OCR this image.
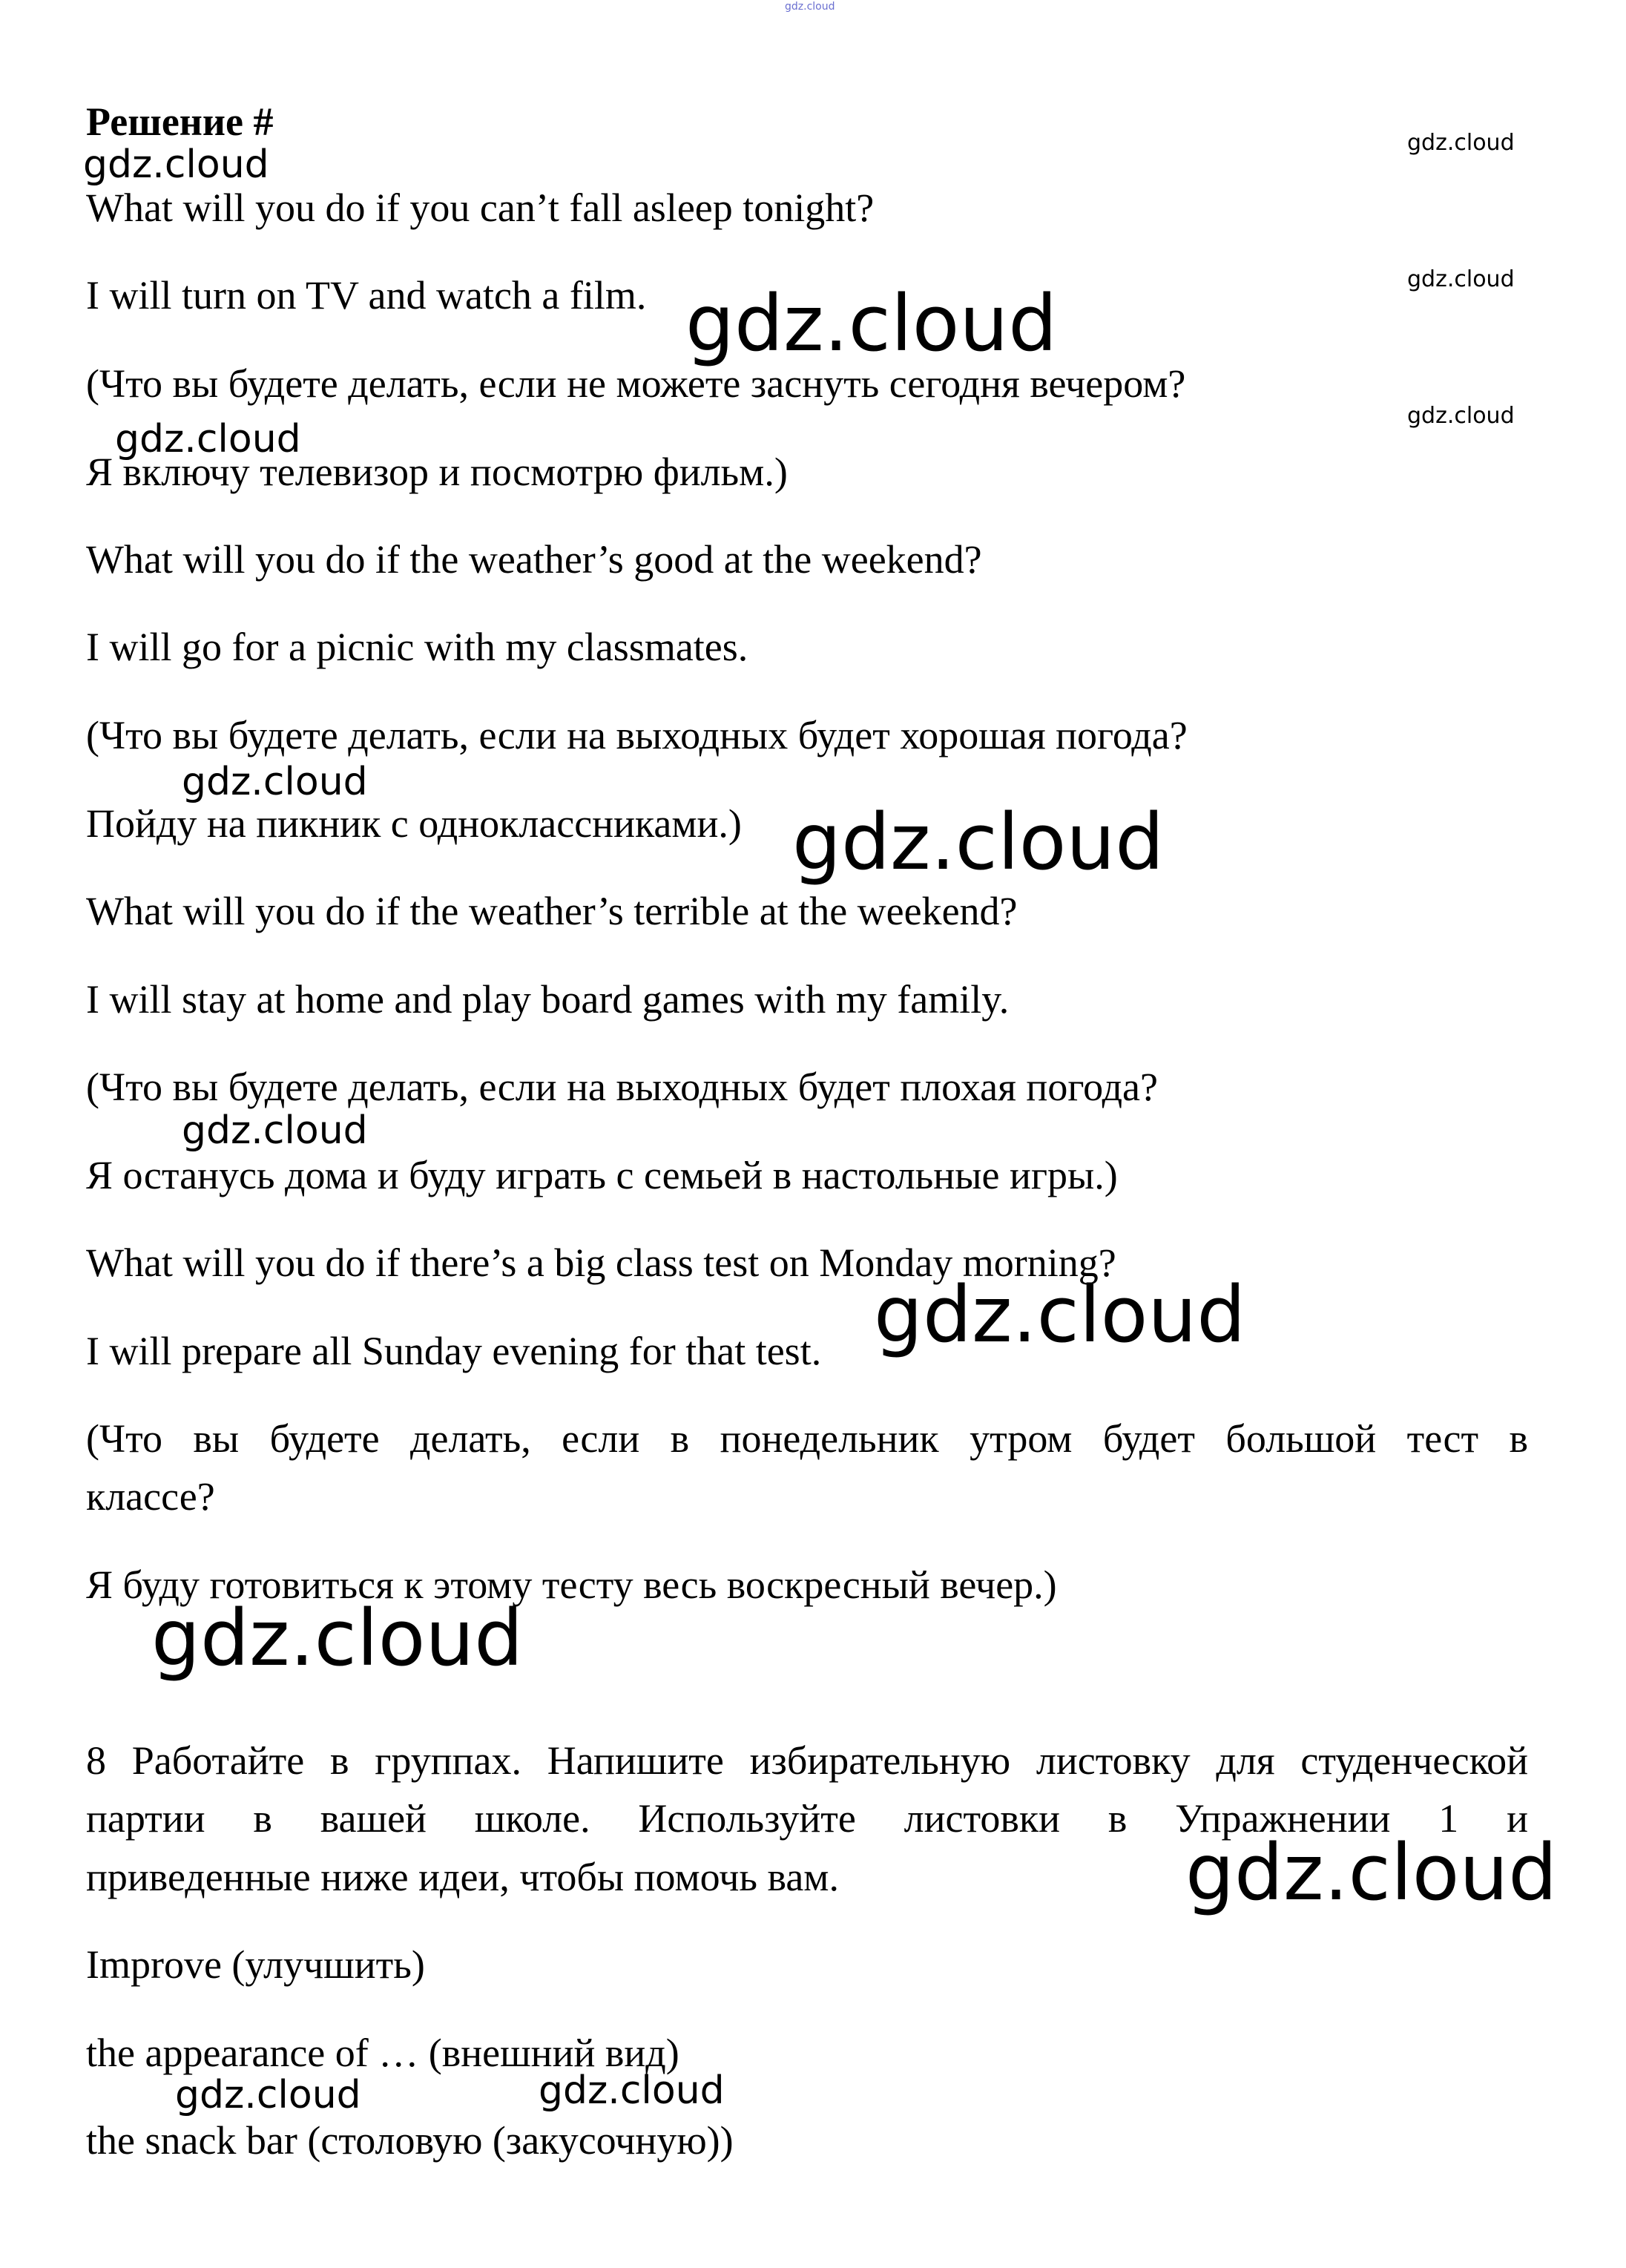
gdz.cloud
Решение #
What will you do if you can’t fall asleep tonight?
I will turn on TV and watch a film.
(Что вы будете делать, если не можете заснуть сегодня вечером?
Я включу телевизор и посмотрю фильм.)
What will you do if the weather’s good at the weekend?
I will go for a picnic with my classmates.
(Что вы будете делать, если на выходных будет хорошая погода?
Пойду на пикник с одноклассниками.)
What will you do if the weather’s terrible at the weekend?
I will stay at home and play board games with my family.
(Что вы будете делать, если на выходных будет плохая погода?
Я останусь дома и буду играть с семьей в настольные игры.)
What will you do if there’s a big class test on Monday morning?
I will prepare all Sunday evening for that test.
(Что вы будете делать, если в понедельник утром будет большой тест в
классе?
Я буду готовиться к этому тесту весь воскресный вечер.)
8 Работайте в группах. Напишите избирательную листовку для студенческой
партии в вашей школе. Используйте листовки в Упражнении 1 и
приведенные ниже идеи, чтобы помочь вам.
Improve (улучшить)
the appearance of … (внешний вид)
the snack bar (столовую (закусочную))
gdz.cloud
gdz.cloud
gdz.cloud
gdz.cloud
gdz.cloud
gdz.cloud
gdz.cloud
gdz.cloud	gdz.cloud
gdz.cloud
gdz.cloud
gdz.cloud
gdz.cloud
gdz.cloud
